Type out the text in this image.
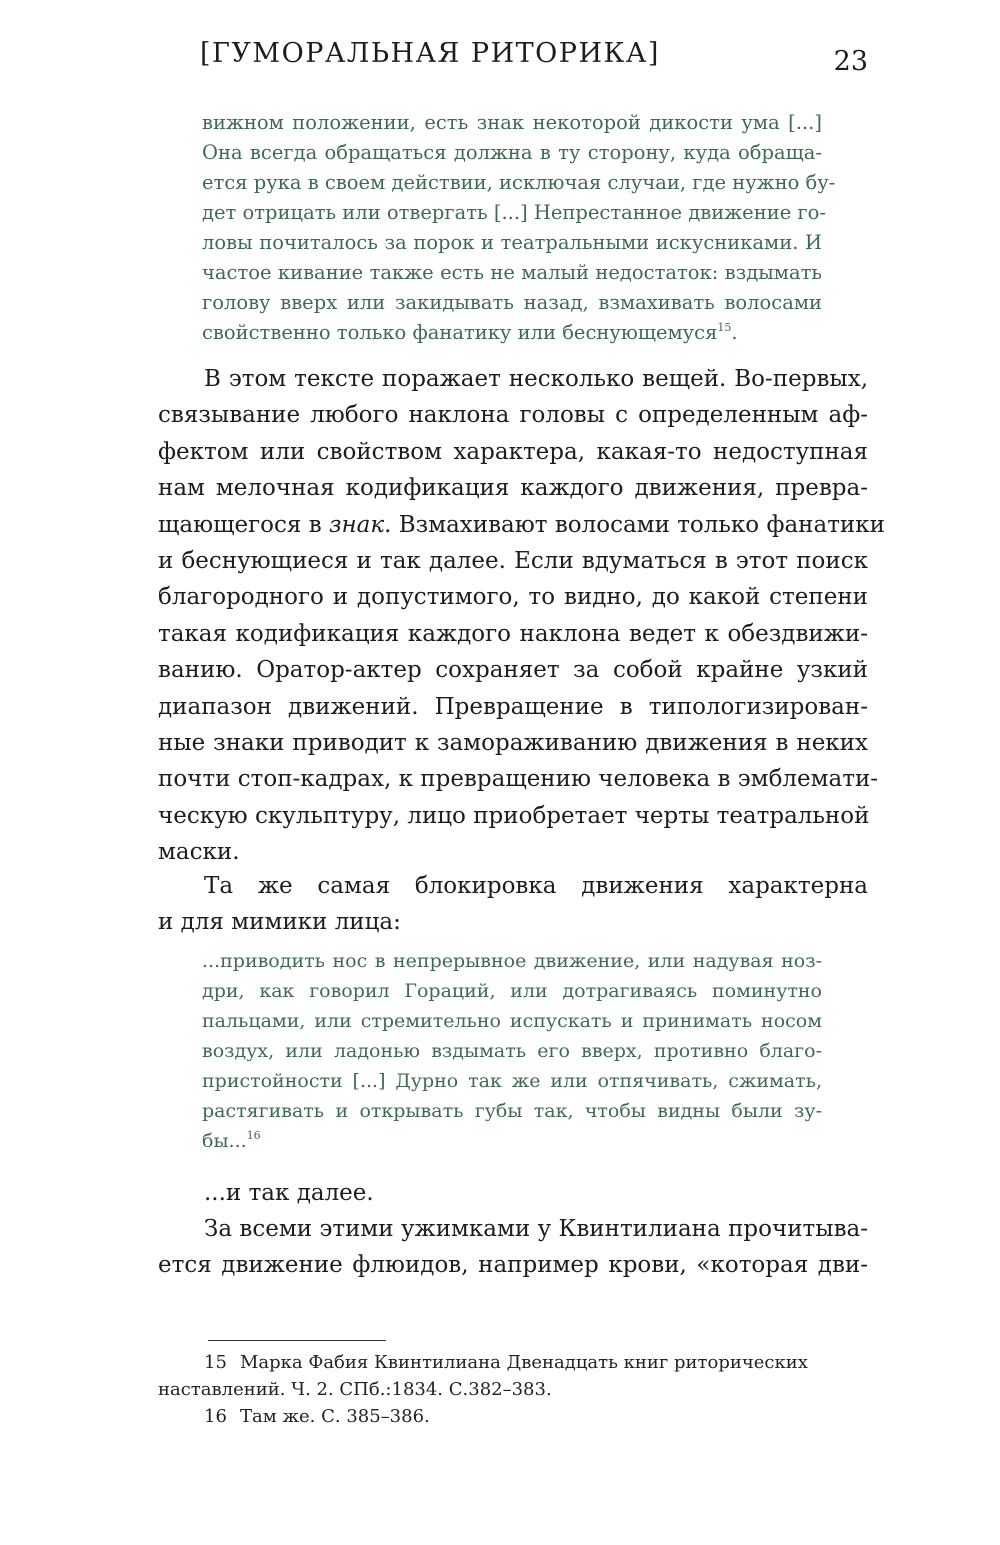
[ГУМОРАЛЬНАЯ РИТОРИКА]	23
вижном положении, есть знак некоторой дикости ума [...]
Она всегда обращаться должна в ту сторону, куда обраща-
ется рука в своем действии, исключая случаи, где нужно бу-
дет отрицать или отвергать [...] Непрестанное движение го-
ловы почиталось за порок и театральными искусниками. И
частое кивание также есть не малый недостаток: вздымать
голову вверх или закидывать назад, взмахивать волосами
свойственно только фанатику или беснующемуся$^{15}$.
В этом тексте поражает несколько вещей. Во-первых,
связывание любого наклона головы с определенным аф-
фектом или свойством характера, какая-то недоступная
нам мелочная кодификация каждого движения, превра-
щающегося в знак. Взмахивают волосами только фанатики
и беснующиеся и так далее. Если вдуматься в этот поиск
благородного и допустимого, то видно, до какой степени
такая кодификация каждого наклона ведет к обездвижи-
ванию. Оратор-актер сохраняет за собой крайне узкий
диапазон движений. Превращение в типологизирован-
ные знаки приводит к замораживанию движения в неких
почти стоп-кадрах, к превращению человека в эмблемати-
ческую скульптуру, лицо приобретает черты театральной
маски.
Та же самая блокировка движения характерна
и для мимики лица:
...приводить нос в непрерывное движение, или надувая ноз-
дри, как говорил Гораций, или дотрагиваясь поминутно
пальцами, или стремительно испускать и принимать носом
воздух, или ладонью вздымать его вверх, противно благо-
пристойности [...] Дурно так же или отпячивать, сжимать,
растягивать и открывать губы так, чтобы видны были зу-
бы...$^{16}$
...и так далее.
За всеми этими ужимками у Квинтилиана прочитыва-
ется движение флюидов, например крови, «которая дви-

15 Марка Фабия Квинтилиана Двенадцать книг риторических

наставлений. Ч. 2. СПб.:1834. С.382–383.

16 Там же. С. 385–386.
